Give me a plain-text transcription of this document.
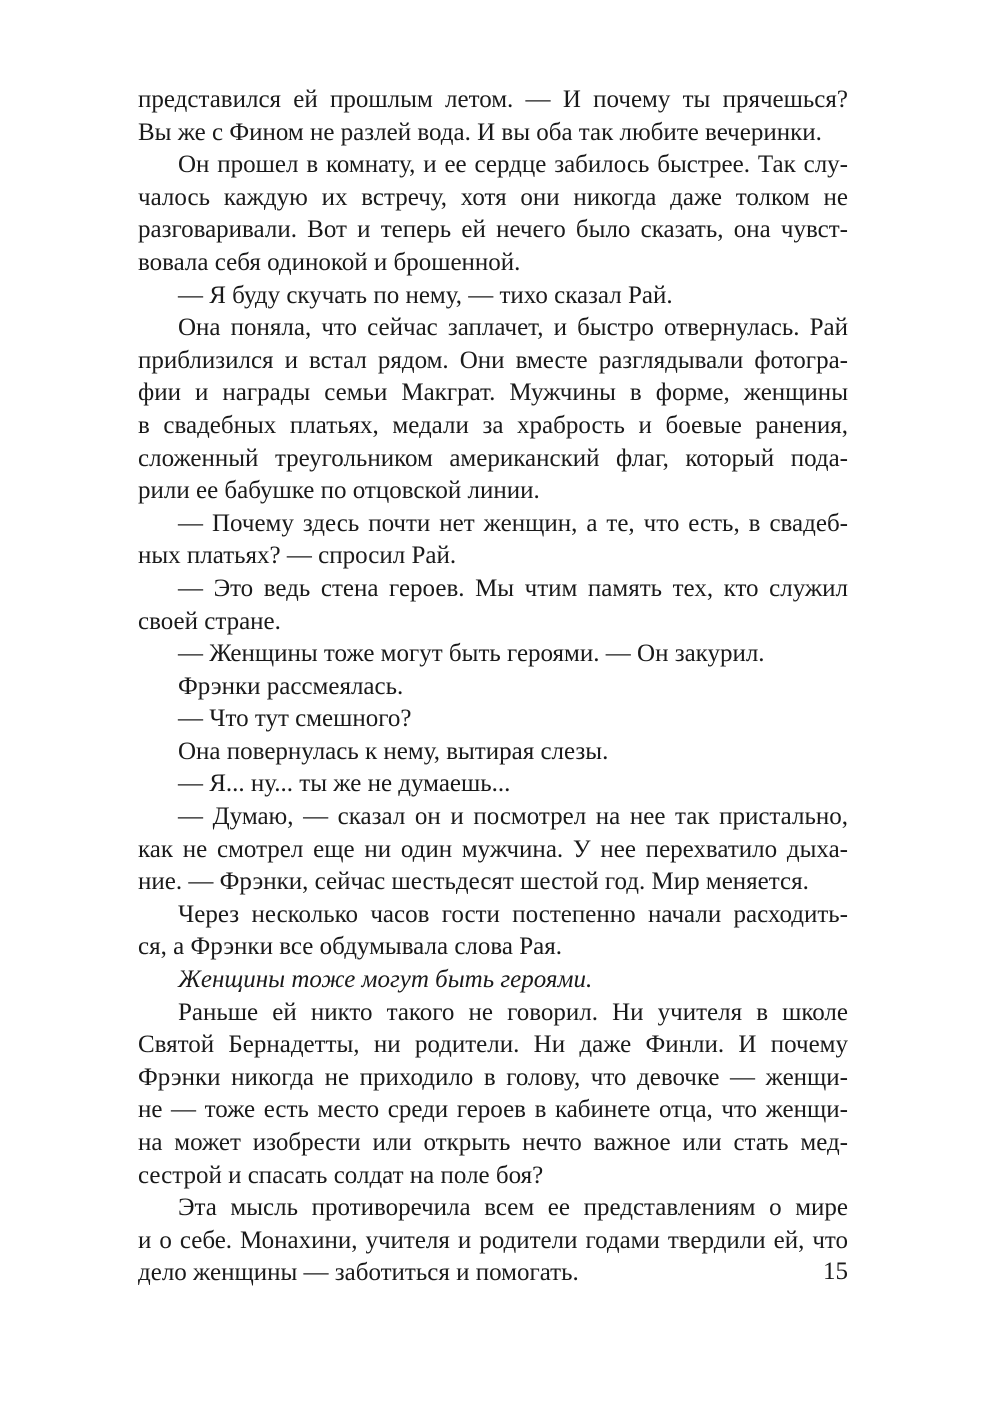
представился ей прошлым летом. — И почему ты прячешься?
Вы же с Фином не разлей вода. И вы оба так любите вечеринки.
Он прошел в комнату, и ее сердце забилось быстрее. Так слу-
чалось каждую их встречу, хотя они никогда даже толком не
разговаривали. Вот и теперь ей нечего было сказать, она чувст-
вовала себя одинокой и брошенной.
— Я буду скучать по нему, — тихо сказал Рай.
Она поняла, что сейчас заплачет, и быстро отвернулась. Рай
приблизился и встал рядом. Они вместе разглядывали фотогра-
фии и награды семьи Макграт. Мужчины в форме, женщины
в свадебных платьях, медали за храбрость и боевые ранения,
сложенный треугольником американский флаг, который пода-
рили ее бабушке по отцовской линии.
— Почему здесь почти нет женщин, а те, что есть, в свадеб-
ных платьях? — спросил Рай.
— Это ведь стена героев. Мы чтим память тех, кто служил
своей стране.
— Женщины тоже могут быть героями. — Он закурил.
Фрэнки рассмеялась.
— Что тут смешного?
Она повернулась к нему, вытирая слезы.
— Я... ну... ты же не думаешь...
— Думаю, — сказал он и посмотрел на нее так пристально,
как не смотрел еще ни один мужчина. У нее перехватило дыха-
ние. — Фрэнки, сейчас шестьдесят шестой год. Мир меняется.
Через несколько часов гости постепенно начали расходить-
ся, а Фрэнки все обдумывала слова Рая.
Женщины тоже могут быть героями.
Раньше ей никто такого не говорил. Ни учителя в школе
Святой Бернадетты, ни родители. Ни даже Финли. И почему
Фрэнки никогда не приходило в голову, что девочке — женщи-
не — тоже есть место среди героев в кабинете отца, что женщи-
на может изобрести или открыть нечто важное или стать мед-
сестрой и спасать солдат на поле боя?
Эта мысль противоречила всем ее представлениям о мире
и о себе. Монахини, учителя и родители годами твердили ей, что
дело женщины — заботиться и помогать.	15
